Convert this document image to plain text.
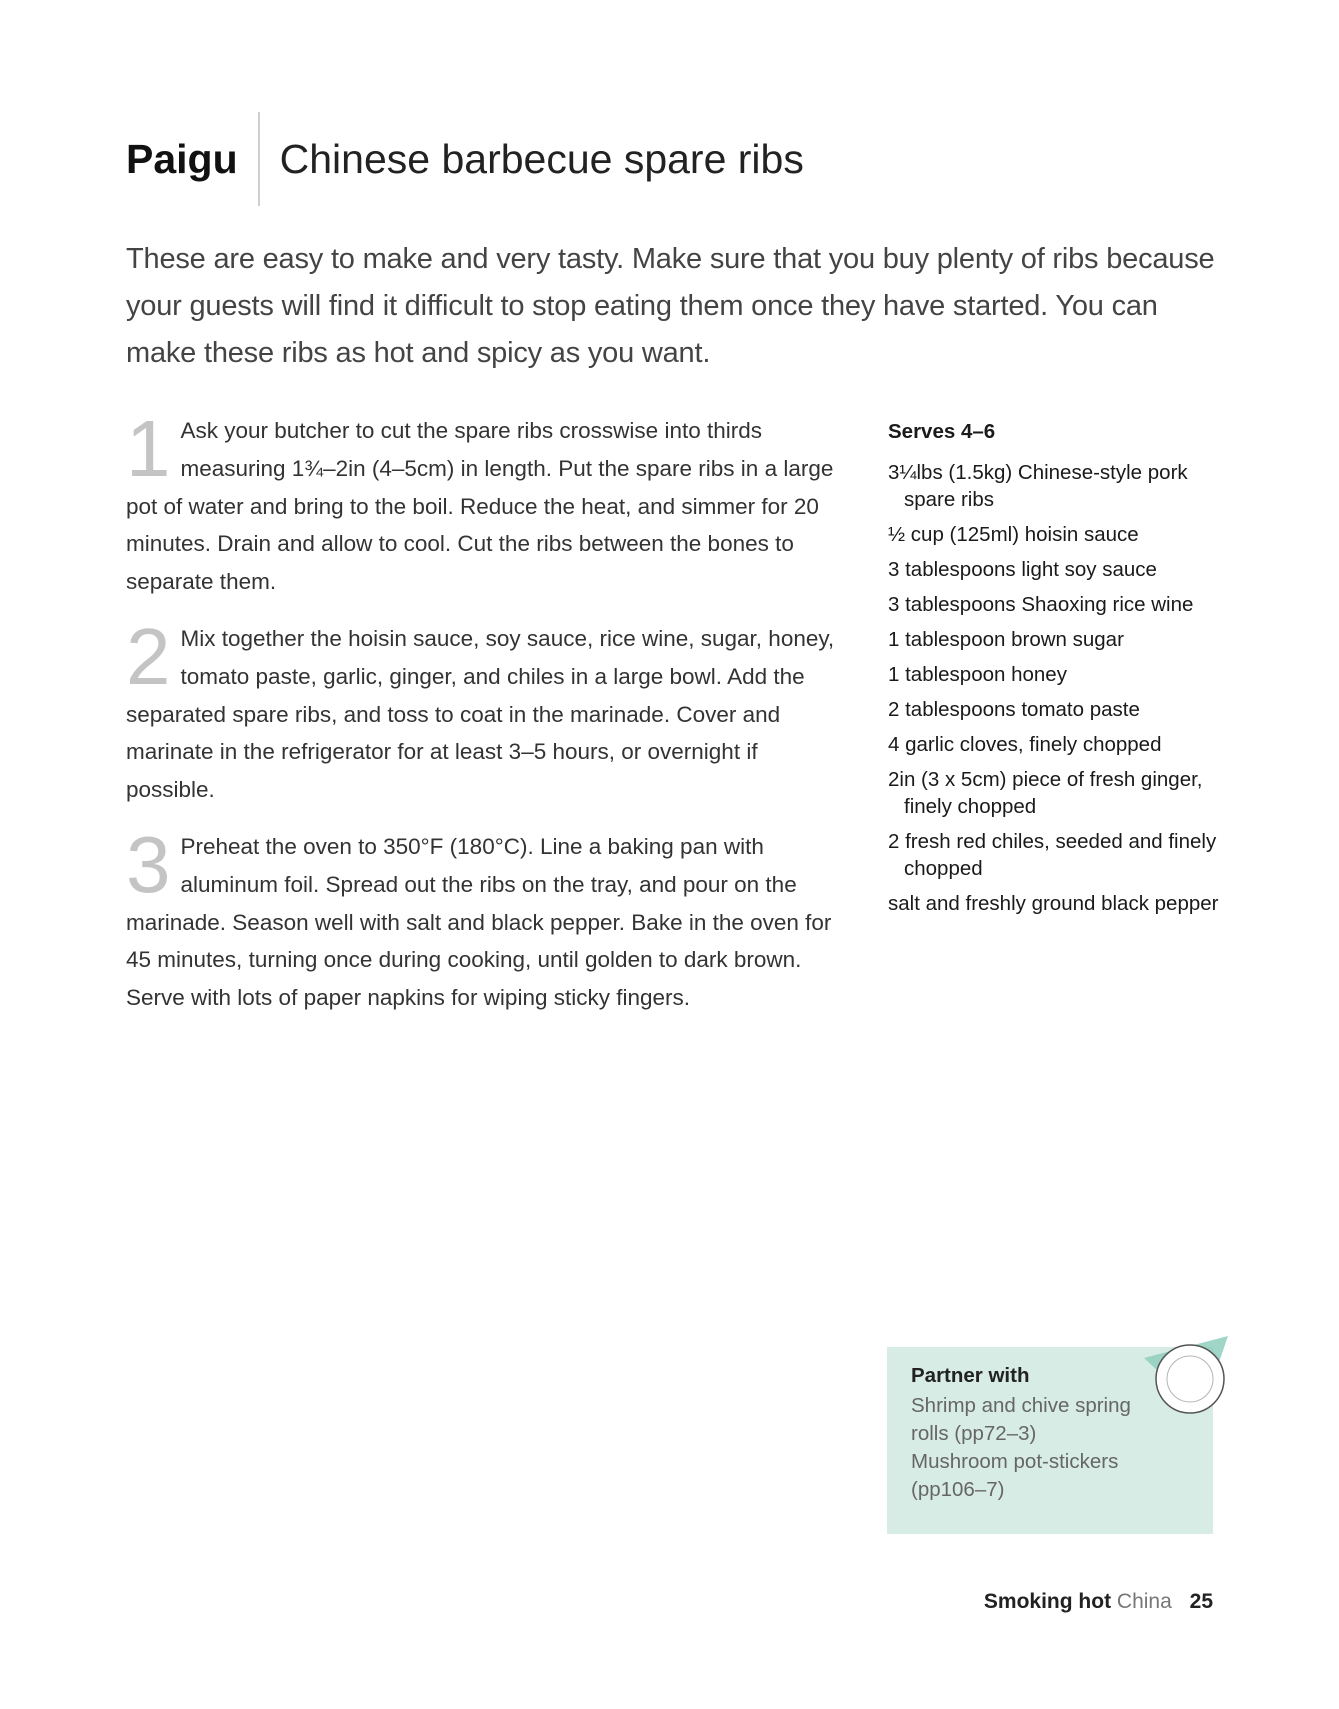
Paigu	Chinese barbecue spare ribs
These are easy to make and very tasty. Make sure that you buy plenty of ribs because your guests will find it difficult to stop eating them once they have started. You can make these ribs as hot and spicy as you want.
1 Ask your butcher to cut the spare ribs crosswise into thirds measuring 1¾–2in (4–5cm) in length. Put the spare ribs in a large pot of water and bring to the boil. Reduce the heat, and simmer for 20 minutes. Drain and allow to cool. Cut the ribs between the bones to separate them.
2 Mix together the hoisin sauce, soy sauce, rice wine, sugar, honey, tomato paste, garlic, ginger, and chiles in a large bowl. Add the separated spare ribs, and toss to coat in the marinade. Cover and marinate in the refrigerator for at least 3–5 hours, or overnight if possible.
3 Preheat the oven to 350°F (180°C). Line a baking pan with aluminum foil. Spread out the ribs on the tray, and pour on the marinade. Season well with salt and black pepper. Bake in the oven for 45 minutes, turning once during cooking, until golden to dark brown. Serve with lots of paper napkins for wiping sticky fingers.
Serves 4–6
3¼lbs (1.5kg) Chinese-style pork spare ribs
½ cup (125ml) hoisin sauce
3 tablespoons light soy sauce
3 tablespoons Shaoxing rice wine
1 tablespoon brown sugar
1 tablespoon honey
2 tablespoons tomato paste
4 garlic cloves, finely chopped
2in (3 x 5cm) piece of fresh ginger, finely chopped
2 fresh red chiles, seeded and finely chopped
salt and freshly ground black pepper
Partner with
Shrimp and chive spring rolls (pp72–3)
Mushroom pot-stickers (pp106–7)
Smoking hot China 25
